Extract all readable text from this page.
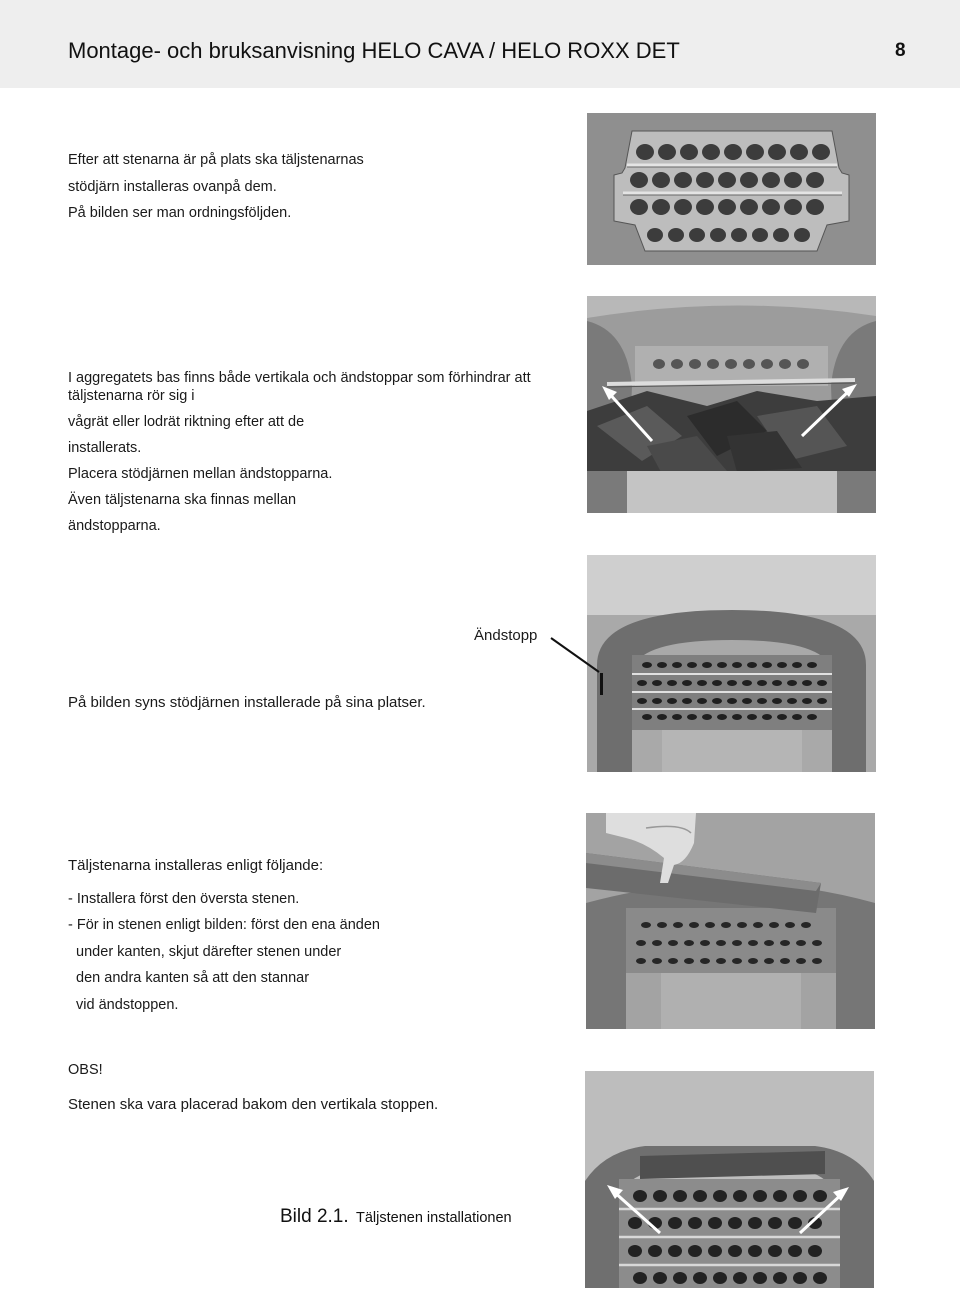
Montage- och bruksanvisning HELO CAVA / HELO ROXX DET	8
Efter att stenarna är på plats ska täljstenarnas
stödjärn installeras ovanpå dem.
På bilden ser man ordningsföljden.
I aggregatets bas finns både vertikala och ändstoppar som förhindrar att
täljstenarna rör sig i
vågrät eller lodrät riktning efter att de
installerats.
Placera stödjärnen mellan ändstopparna.
Även täljstenarna ska finnas mellan
ändstopparna.
Ändstopp
På bilden syns stödjärnen installerade på sina platser.
Täljstenarna installeras enligt följande:
- Installera först den översta stenen.
- För in stenen enligt bilden: först den ena änden
under kanten, skjut därefter stenen under
den andra kanten så att den stannar
vid ändstoppen.
OBS!
Stenen ska vara placerad bakom den vertikala stoppen.
Bild 2.1. Täljstenen installationen
